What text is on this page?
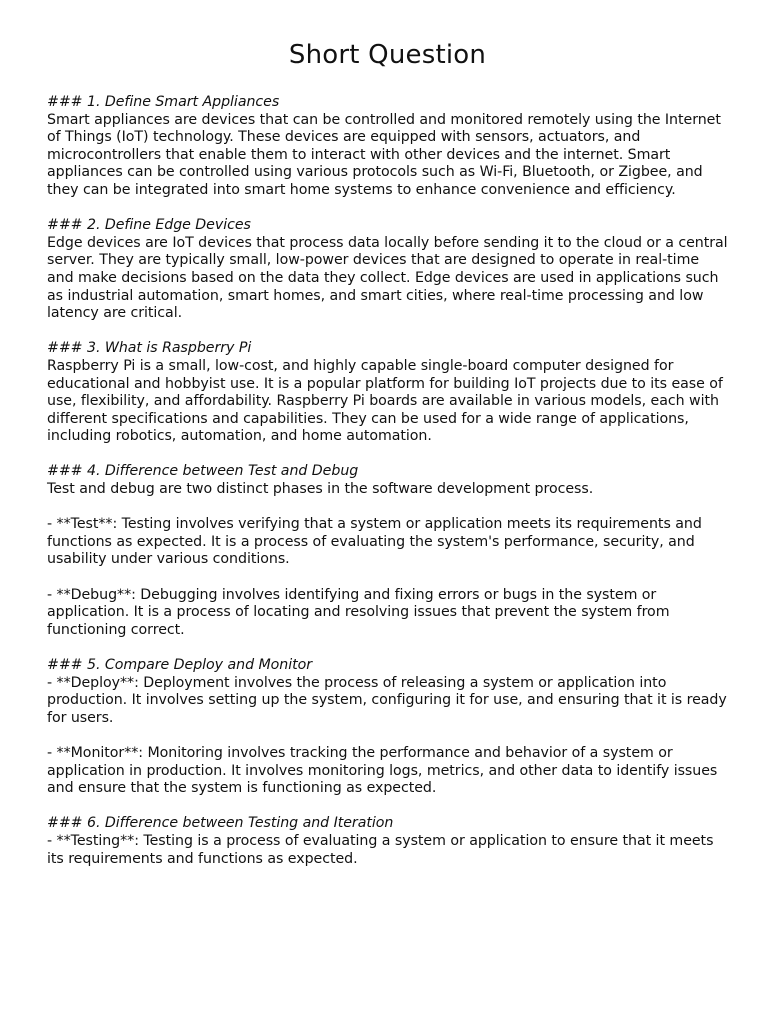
Short Question

### 1. Define Smart Appliances

Smart appliances are devices that can be controlled and monitored remotely using the Internet of Things (IoT) technology. These devices are equipped with sensors, actuators, and microcontrollers that enable them to interact with other devices and the internet. Smart appliances can be controlled using various protocols such as Wi-Fi, Bluetooth, or Zigbee, and they can be integrated into smart home systems to enhance convenience and efficiency.

### 2. Define Edge Devices

Edge devices are IoT devices that process data locally before sending it to the cloud or a central server. They are typically small, low-power devices that are designed to operate in real-time and make decisions based on the data they collect. Edge devices are used in applications such as industrial automation, smart homes, and smart cities, where real-time processing and low latency are critical.

### 3. What is Raspberry Pi

Raspberry Pi is a small, low-cost, and highly capable single-board computer designed for educational and hobbyist use. It is a popular platform for building IoT projects due to its ease of use, flexibility, and affordability. Raspberry Pi boards are available in various models, each with different specifications and capabilities. They can be used for a wide range of applications, including robotics, automation, and home automation.

### 4. Difference between Test and Debug

Test and debug are two distinct phases in the software development process.

- **Test**: Testing involves verifying that a system or application meets its requirements and functions as expected. It is a process of evaluating the system's performance, security, and usability under various conditions.

- **Debug**: Debugging involves identifying and fixing errors or bugs in the system or application. It is a process of locating and resolving issues that prevent the system from functioning correct.

### 5. Compare Deploy and Monitor

- **Deploy**: Deployment involves the process of releasing a system or application into production. It involves setting up the system, configuring it for use, and ensuring that it is ready for users.

- **Monitor**: Monitoring involves tracking the performance and behavior of a system or application in production. It involves monitoring logs, metrics, and other data to identify issues and ensure that the system is functioning as expected.

### 6. Difference between Testing and Iteration

- **Testing**: Testing is a process of evaluating a system or application to ensure that it meets its requirements and functions as expected.
